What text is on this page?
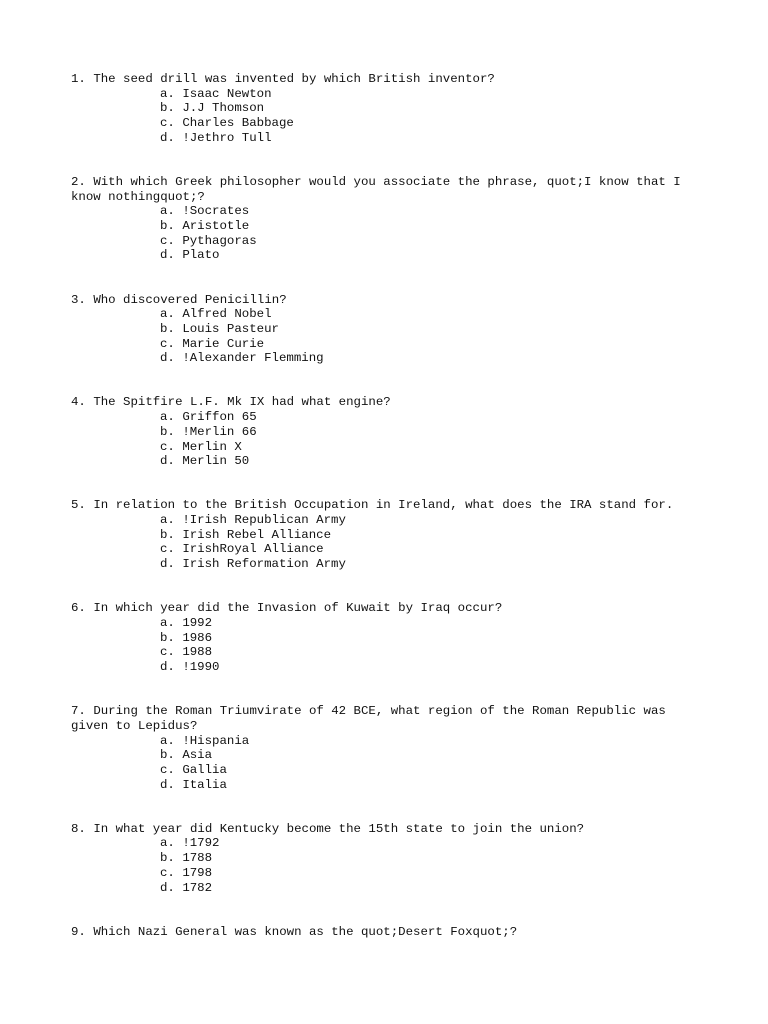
1. The seed drill was invented by which British inventor?
a. Isaac Newton
b. J.J Thomson
c. Charles Babbage
d. !Jethro Tull
2. With which Greek philosopher would you associate the phrase, quot;I know that I know nothingquot;?
a. !Socrates
b. Aristotle
c. Pythagoras
d. Plato
3. Who discovered Penicillin?
a. Alfred Nobel
b. Louis Pasteur
c. Marie Curie
d. !Alexander Flemming
4. The Spitfire L.F. Mk IX had what engine?
a. Griffon 65
b. !Merlin 66
c. Merlin X
d. Merlin 50
5. In relation to the British Occupation in Ireland, what does the IRA stand for.
a. !Irish Republican Army
b. Irish Rebel Alliance
c. IrishRoyal Alliance
d. Irish Reformation Army
6. In which year did the Invasion of Kuwait by Iraq occur?
a. 1992
b. 1986
c. 1988
d. !1990
7. During the Roman Triumvirate of 42 BCE, what region of the Roman Republic was given to Lepidus?
a. !Hispania
b. Asia
c. Gallia
d. Italia
8. In what year did Kentucky become the 15th state to join the union?
a. !1792
b. 1788
c. 1798
d. 1782
9. Which Nazi General was known as the quot;Desert Foxquot;?
